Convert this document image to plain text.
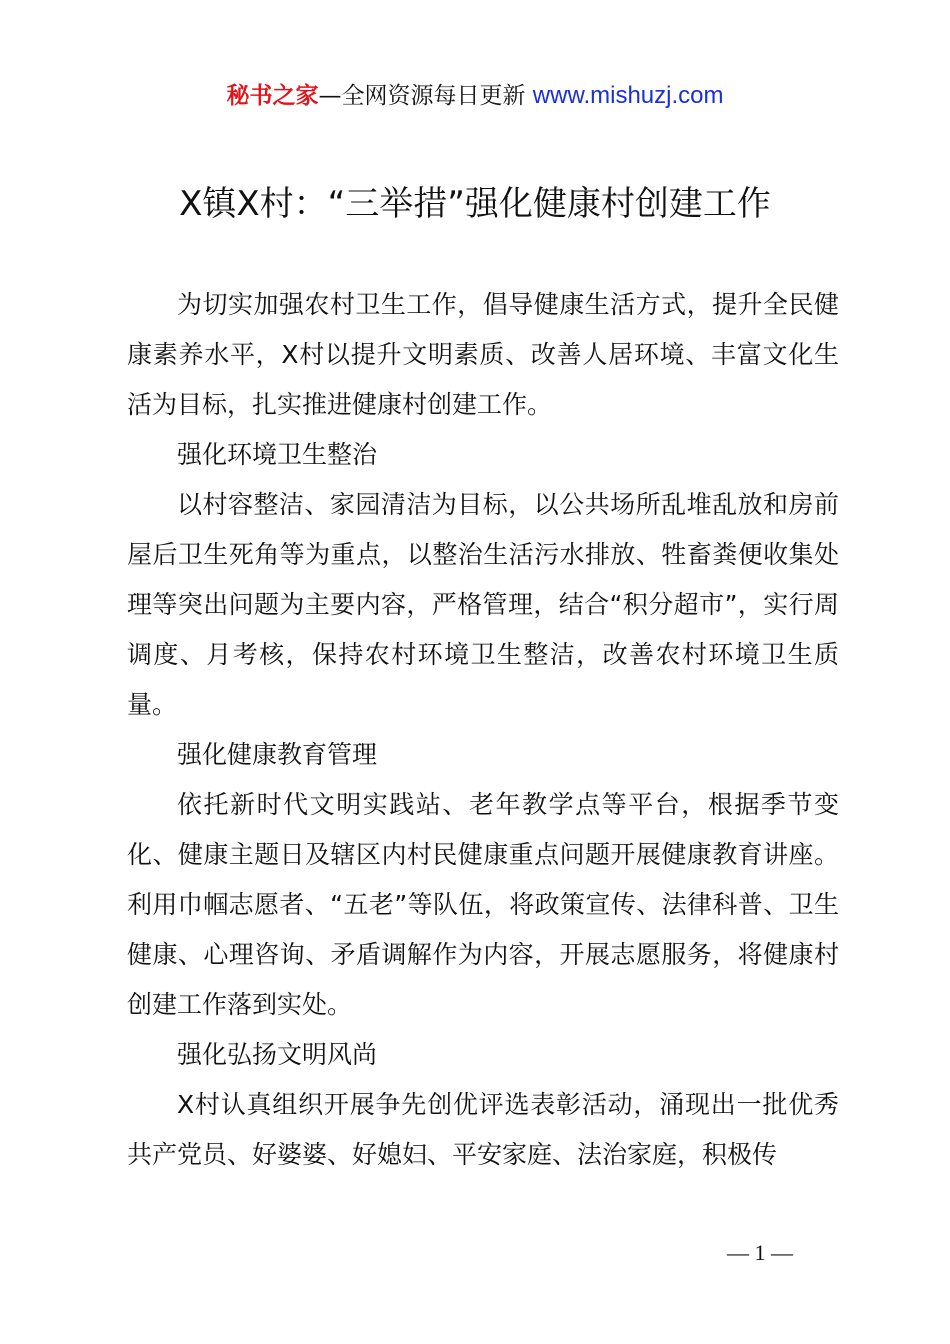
秘书之家—全网资源每日更新 www.mishuzj.com
X镇X村：“三举措”强化健康村创建工作

为切实加强农村卫生工作，倡导健康生活方式，提升全民健康素养水平，X村以提升文明素质、改善人居环境、丰富文化生活为目标，扎实推进健康村创建工作。

强化环境卫生整治

以村容整洁、家园清洁为目标，以公共场所乱堆乱放和房前屋后卫生死角等为重点，以整治生活污水排放、牲畜粪便收集处理等突出问题为主要内容，严格管理，结合“积分超市”，实行周调度、月考核，保持农村环境卫生整洁，改善农村环境卫生质量。

强化健康教育管理

依托新时代文明实践站、老年教学点等平台，根据季节变化、健康主题日及辖区内村民健康重点问题开展健康教育讲座。利用巾帼志愿者、“五老”等队伍，将政策宣传、法律科普、卫生健康、心理咨询、矛盾调解作为内容，开展志愿服务，将健康村创建工作落到实处。

强化弘扬文明风尚

X村认真组织开展争先创优评选表彰活动，涌现出一批优秀共产党员、好婆婆、好媳妇、平安家庭、法治家庭，积极传

— 1 —
